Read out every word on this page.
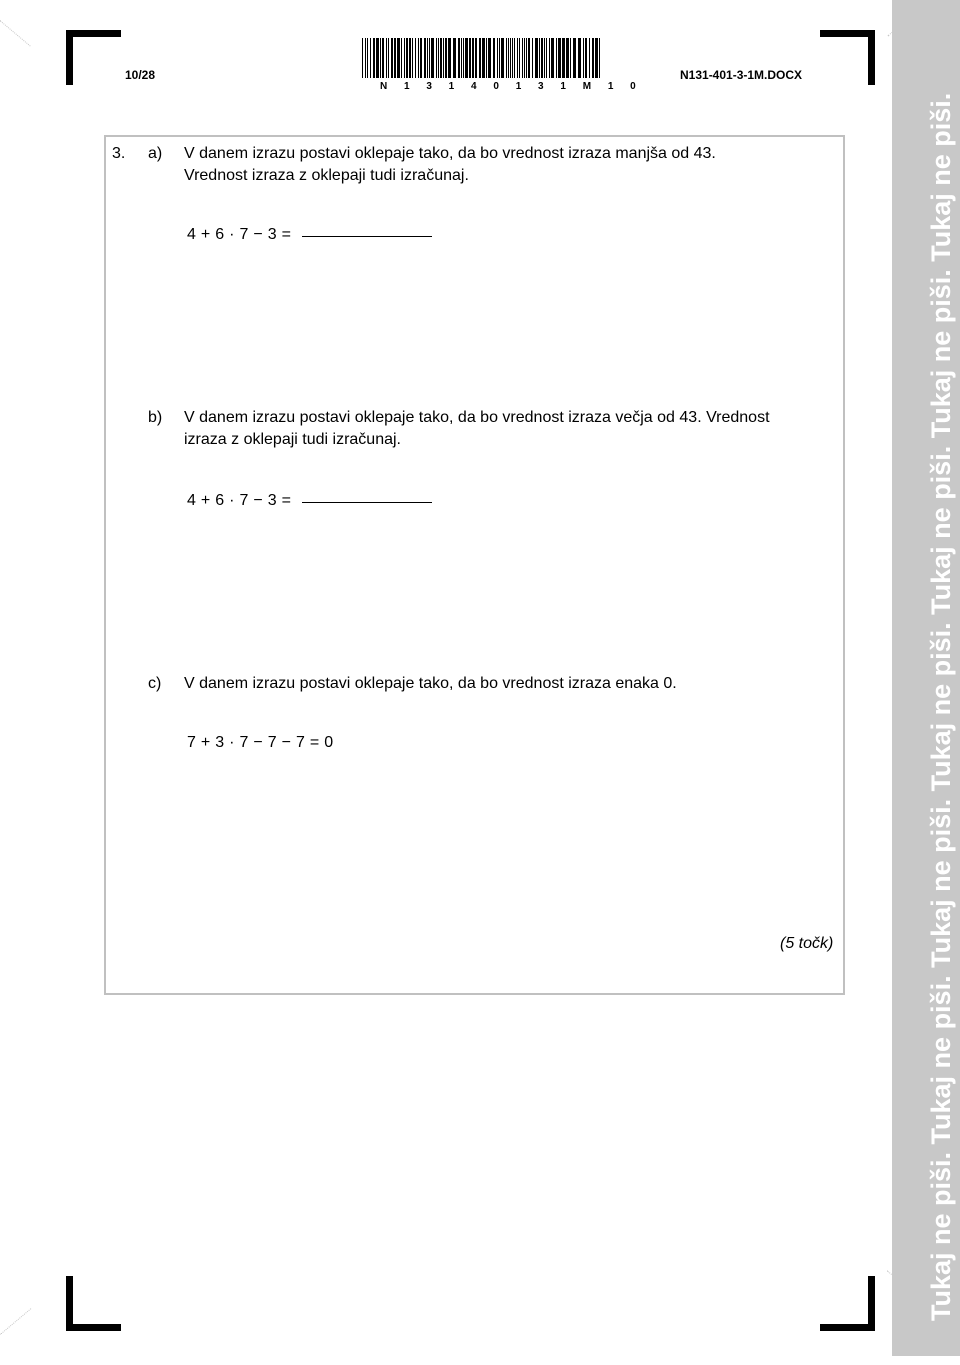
10/28
N 1 3 1 4 0 1 3 1 M 1 0
N131-401-3-1M.DOCX
3. a) V danem izrazu postavi oklepaje tako, da bo vrednost izraza manjša od 43.
Vrednost izraza z oklepaji tudi izračunaj.
4 + 6 · 7 − 3 =
b) V danem izrazu postavi oklepaje tako, da bo vrednost izraza večja od 43. Vrednost
izraza z oklepaji tudi izračunaj.
4 + 6 · 7 − 3 =
c) V danem izrazu postavi oklepaje tako, da bo vrednost izraza enaka 0.
7 + 3 · 7 − 7 − 7 = 0
(5 točk)	Tukaj ne piši. Tukaj ne piši. Tukaj ne piši. Tukaj ne piši. Tukaj ne piši. Tukaj ne piši. Tukaj ne piši.
